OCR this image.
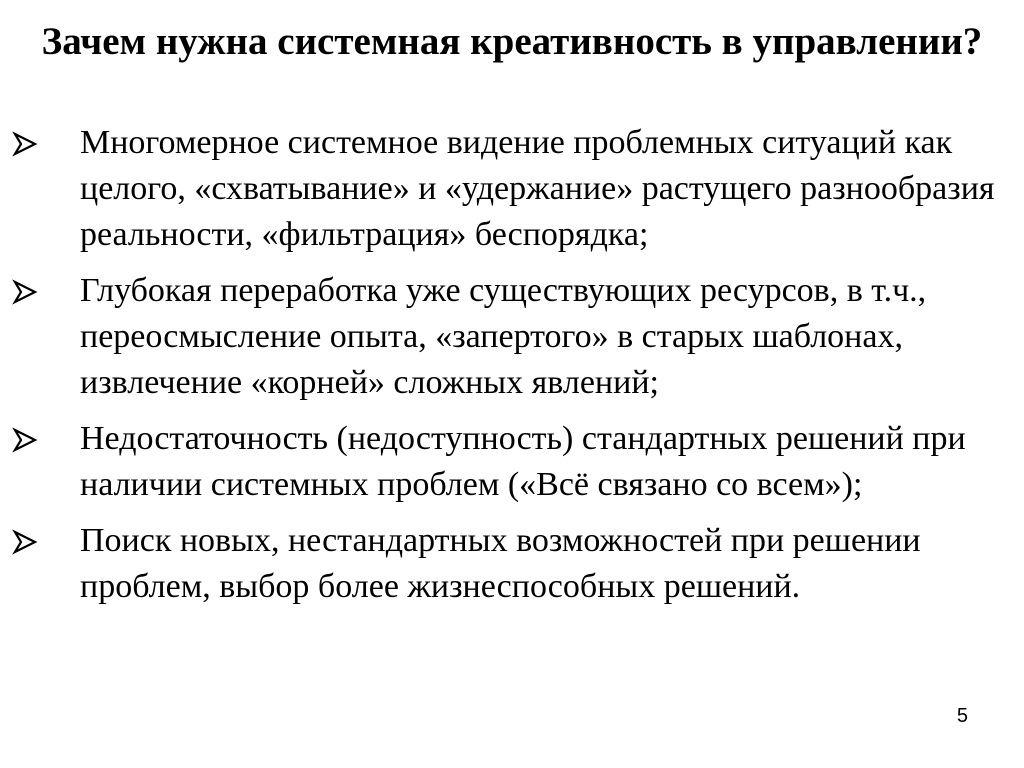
Зачем нужна системная креативность в управлении?
Многомерное системное видение проблемных ситуаций как целого, «схватывание» и «удержание» растущего разнообразия реальности, «фильтрация» беспорядка;
Глубокая переработка уже существующих ресурсов, в т.ч., переосмысление опыта, «запертого» в старых шаблонах, извлечение «корней» сложных явлений;
Недостаточность (недоступность) стандартных решений при наличии системных проблем («Всё связано со всем»);
Поиск новых, нестандартных возможностей при решении проблем, выбор более жизнеспособных решений.
5
